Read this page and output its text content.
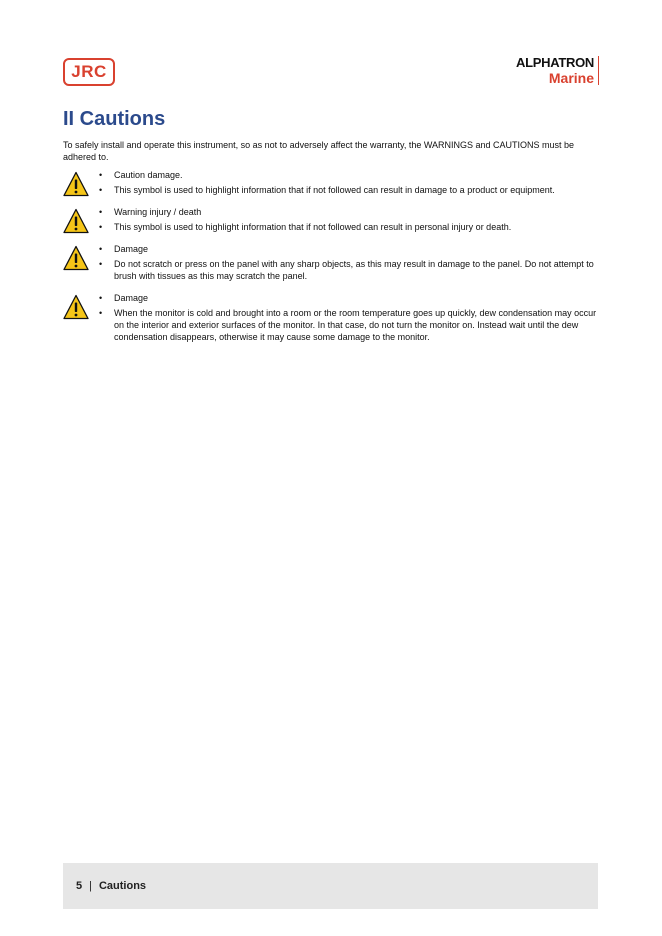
JRC	ALPHATRON
Marine
II Cautions

To safely install and operate this instrument, so as not to adversely affect the warranty, the WARNINGS and CAUTIONS must be adhered to.

• Caution damage.
• This symbol is used to highlight information that if not followed can result in damage to a product or equipment.
• Warning injury / death
• This symbol is used to highlight information that if not followed can result in personal injury or death.
• Damage
• Do not scratch or press on the panel with any sharp objects, as this may result in damage to the panel. Do not attempt to brush with tissues as this may scratch the panel.
• Damage
• When the monitor is cold and brought into a room or the room temperature goes up quickly, dew condensation may occur on the interior and exterior surfaces of the monitor. In that case, do not turn the monitor on. Instead wait until the dew condensation disappears, otherwise it may cause some damage to the monitor.
5 | Cautions
